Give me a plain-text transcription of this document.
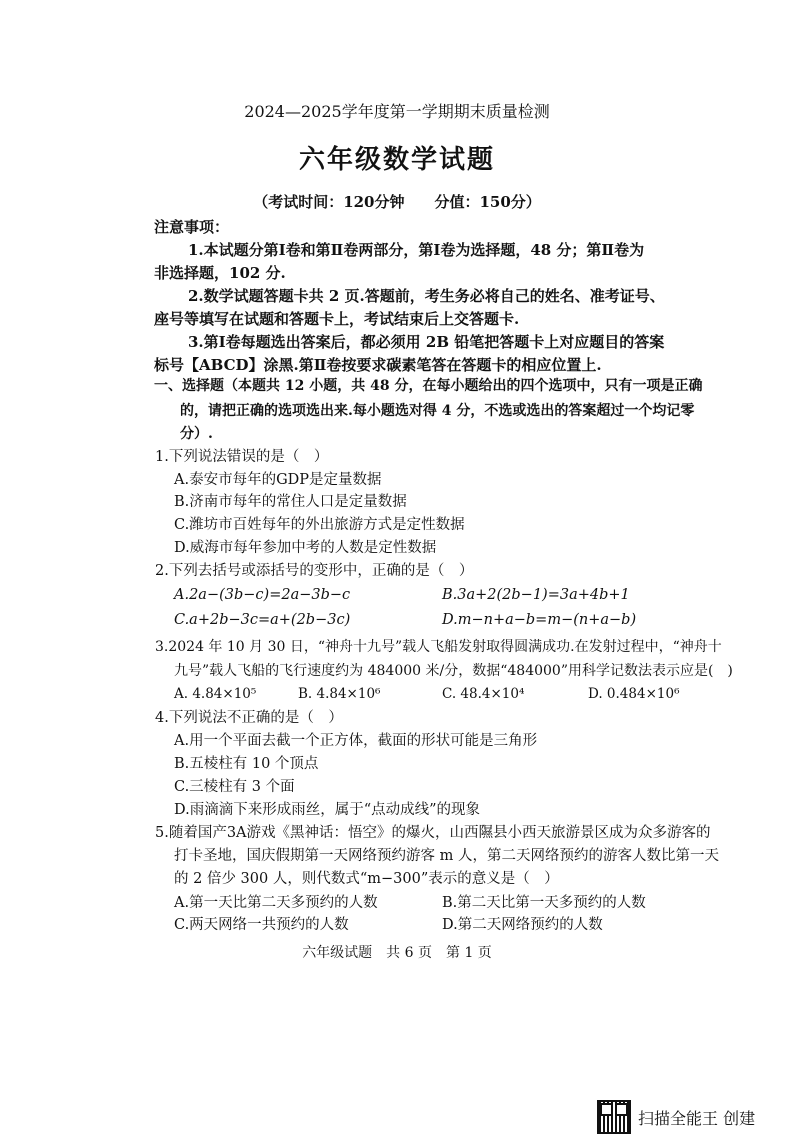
2024—2025学年度第一学期期末质量检测
六年级数学试题
（考试时间：120分钟　　分值：150分）
注意事项：
1.本试题分第Ⅰ卷和第Ⅱ卷两部分，第Ⅰ卷为选择题，48 分；第Ⅱ卷为
非选择题，102 分.
2.数学试题答题卡共 2 页.答题前，考生务必将自己的姓名、准考证号、
座号等填写在试题和答题卡上，考试结束后上交答题卡.
3.第Ⅰ卷每题选出答案后，都必须用 2B 铅笔把答题卡上对应题目的答案
标号【ABCD】涂黑.第Ⅱ卷按要求碳素笔答在答题卡的相应位置上.
一、选择题（本题共 12 小题，共 48 分，在每小题给出的四个选项中，只有一项是正确
的，请把正确的选项选出来.每小题选对得 4 分，不选或选出的答案超过一个均记零
分）.
1.下列说法错误的是（　）
A.泰安市每年的GDP是定量数据
B.济南市每年的常住人口是定量数据
C.潍坊市百姓每年的外出旅游方式是定性数据
D.威海市每年参加中考的人数是定性数据
2.下列去括号或添括号的变形中，正确的是（　）
A.2a−(3b−c)=2a−3b−c	B.3a+2(2b−1)=3a+4b+1
C.a+2b−3c=a+(2b−3c)	D.m−n+a−b=m−(n+a−b)
3.2024 年 10 月 30 日，“神舟十九号”载人飞船发射取得圆满成功.在发射过程中，“神舟十
九号”载人飞船的飞行速度约为 484000 米/分，数据“484000”用科学记数法表示应是(　)
A. 4.84×10⁵	B. 4.84×10⁶	C. 48.4×10⁴	D. 0.484×10⁶
4.下列说法不正确的是（　）
A.用一个平面去截一个正方体，截面的形状可能是三角形
B.五棱柱有 10 个顶点
C.三棱柱有 3 个面
D.雨滴滴下来形成雨丝，属于“点动成线”的现象
5.随着国产3A游戏《黑神话：悟空》的爆火，山西隰县小西天旅游景区成为众多游客的
打卡圣地，国庆假期第一天网络预约游客 m 人，第二天网络预约的游客人数比第一天
的 2 倍少 300 人，则代数式“m−300”表示的意义是（　）
A.第一天比第二天多预约的人数	B.第二天比第一天多预约的人数
C.两天网络一共预约的人数	D.第二天网络预约的人数
六年级试题　共 6 页　第 1 页
扫描全能王 创建
